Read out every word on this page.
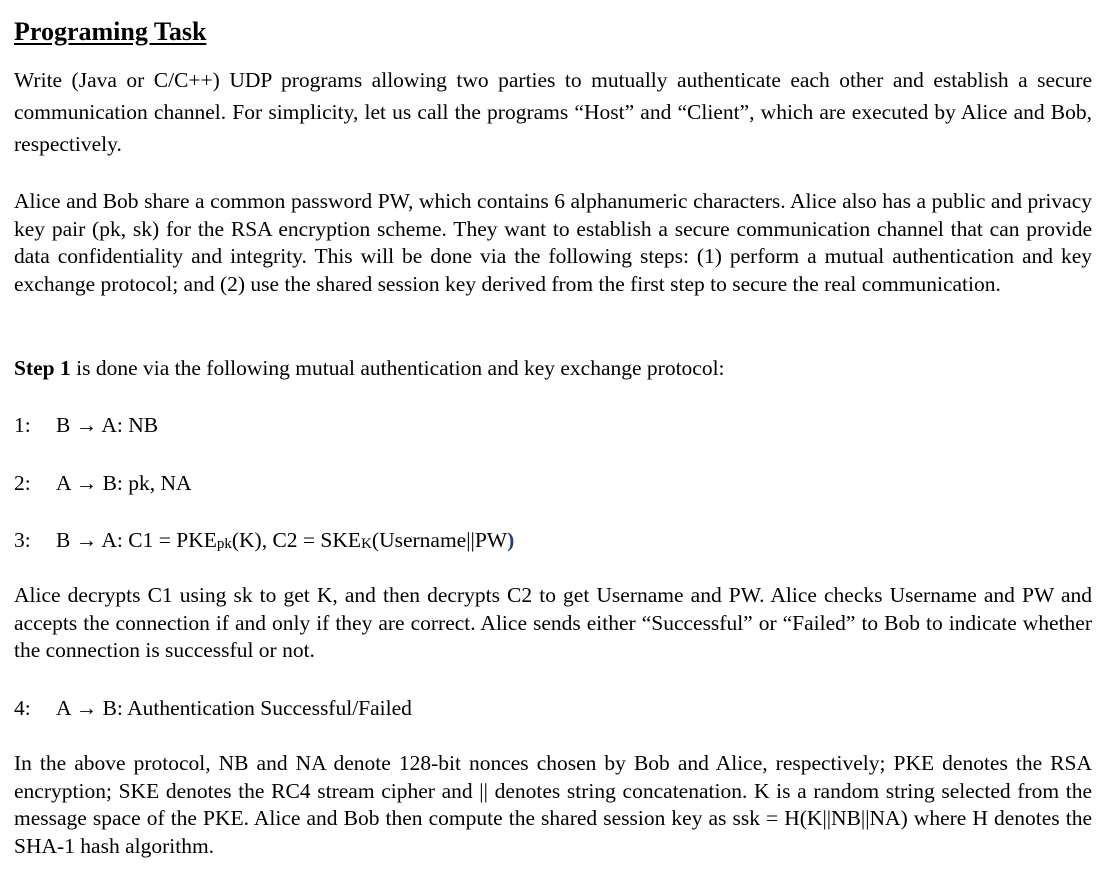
Programing Task

Write (Java or C/C++) UDP programs allowing two parties to mutually authenticate each other and establish a secure communication channel. For simplicity, let us call the programs “Host” and “Client”, which are executed by Alice and Bob, respectively.

Alice and Bob share a common password PW, which contains 6 alphanumeric characters. Alice also has a public and privacy key pair (pk, sk) for the RSA encryption scheme. They want to establish a secure communication channel that can provide data confidentiality and integrity. This will be done via the following steps: (1) perform a mutual authentication and key exchange protocol; and (2) use the shared session key derived from the first step to secure the real communication.

Step 1 is done via the following mutual authentication and key exchange protocol:

1: B → A: NB
2: A → B: pk, NA
3: B → A: C1 = PKEpk(K), C2 = SKEK(Username||PW)

Alice decrypts C1 using sk to get K, and then decrypts C2 to get Username and PW. Alice checks Username and PW and accepts the connection if and only if they are correct. Alice sends either “Successful” or “Failed” to Bob to indicate whether the connection is successful or not.

4: A → B: Authentication Successful/Failed

In the above protocol, NB and NA denote 128-bit nonces chosen by Bob and Alice, respectively; PKE denotes the RSA encryption; SKE denotes the RC4 stream cipher and || denotes string concatenation. K is a random string selected from the message space of the PKE. Alice and Bob then compute the shared session key as ssk = H(K||NB||NA) where H denotes the SHA-1 hash algorithm.
